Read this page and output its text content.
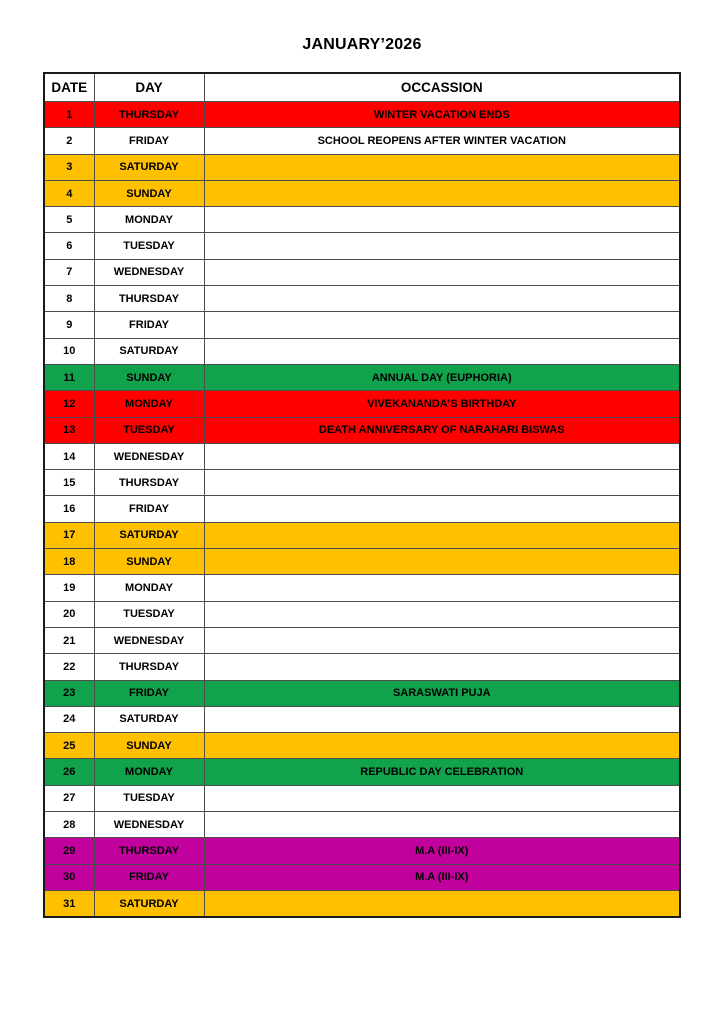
JANUARY’2026
DATE	DAY	OCCASSION
1	THURSDAY	WINTER VACATION ENDS
2	FRIDAY	SCHOOL REOPENS AFTER WINTER VACATION
3	SATURDAY	
4	SUNDAY	
5	MONDAY	
6	TUESDAY	
7	WEDNESDAY	
8	THURSDAY	
9	FRIDAY	
10	SATURDAY	
11	SUNDAY	ANNUAL DAY (EUPHORIA)
12	MONDAY	VIVEKANANDA’S BIRTHDAY
13	TUESDAY	DEATH ANNIVERSARY OF NARAHARI BISWAS
14	WEDNESDAY	
15	THURSDAY	
16	FRIDAY	
17	SATURDAY	
18	SUNDAY	
19	MONDAY	
20	TUESDAY	
21	WEDNESDAY	
22	THURSDAY	
23	FRIDAY	SARASWATI PUJA
24	SATURDAY	
25	SUNDAY	
26	MONDAY	REPUBLIC DAY CELEBRATION
27	TUESDAY	
28	WEDNESDAY	
29	THURSDAY	M.A (III-IX)
30	FRIDAY	M.A (III-IX)
31	SATURDAY	
